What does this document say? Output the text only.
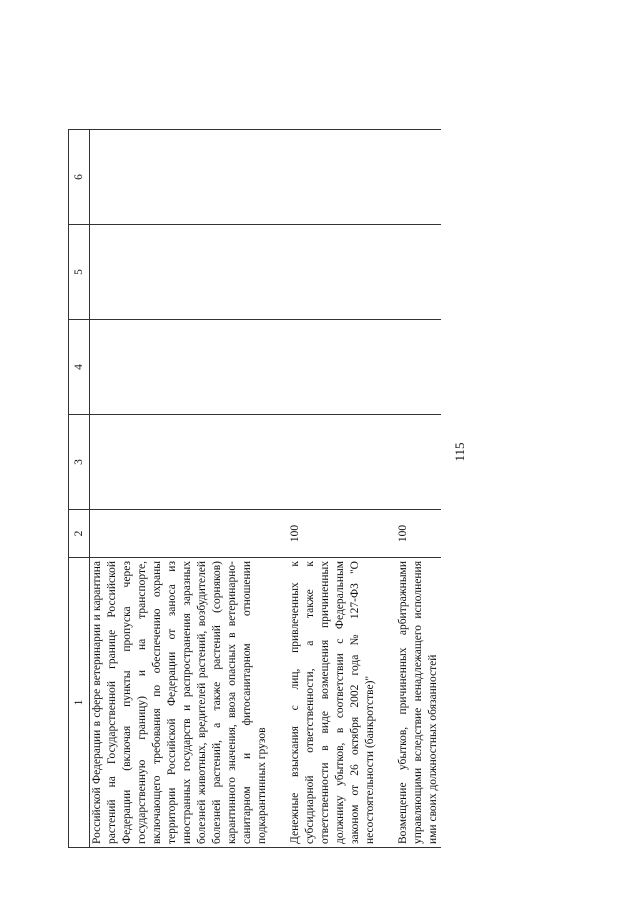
115
1	2	3	4	5	6
Российской Федерации в сфере ветеринарии и карантина растений на Государственной границе Российской Федерации (включая пункты пропуска через государственную границу) и на транспорте, включающего требования по обеспечению охраны территории Российской Федерации от заноса из иностранных государств и распространения заразных болезней животных, вредителей растений, возбудителей болезней растений, а также растений (сорняков) карантинного значения, ввоза опасных в ветеринарно-санитарном и фитосанитарном отношении подкарантинных грузов					
Денежные взыскания с лиц, привлеченных к субсидиарной ответственности, а также к ответственности в виде возмещения причиненных должнику убытков, в соответствии с Федеральным законом от 26 октября 2002 года № 127-ФЗ "О несостоятельности (банкротстве)"	100				
Возмещение убытков, причиненных арбитражными управляющими вследствие ненадлежащего исполнения ими своих должностных обязанностей	100				
